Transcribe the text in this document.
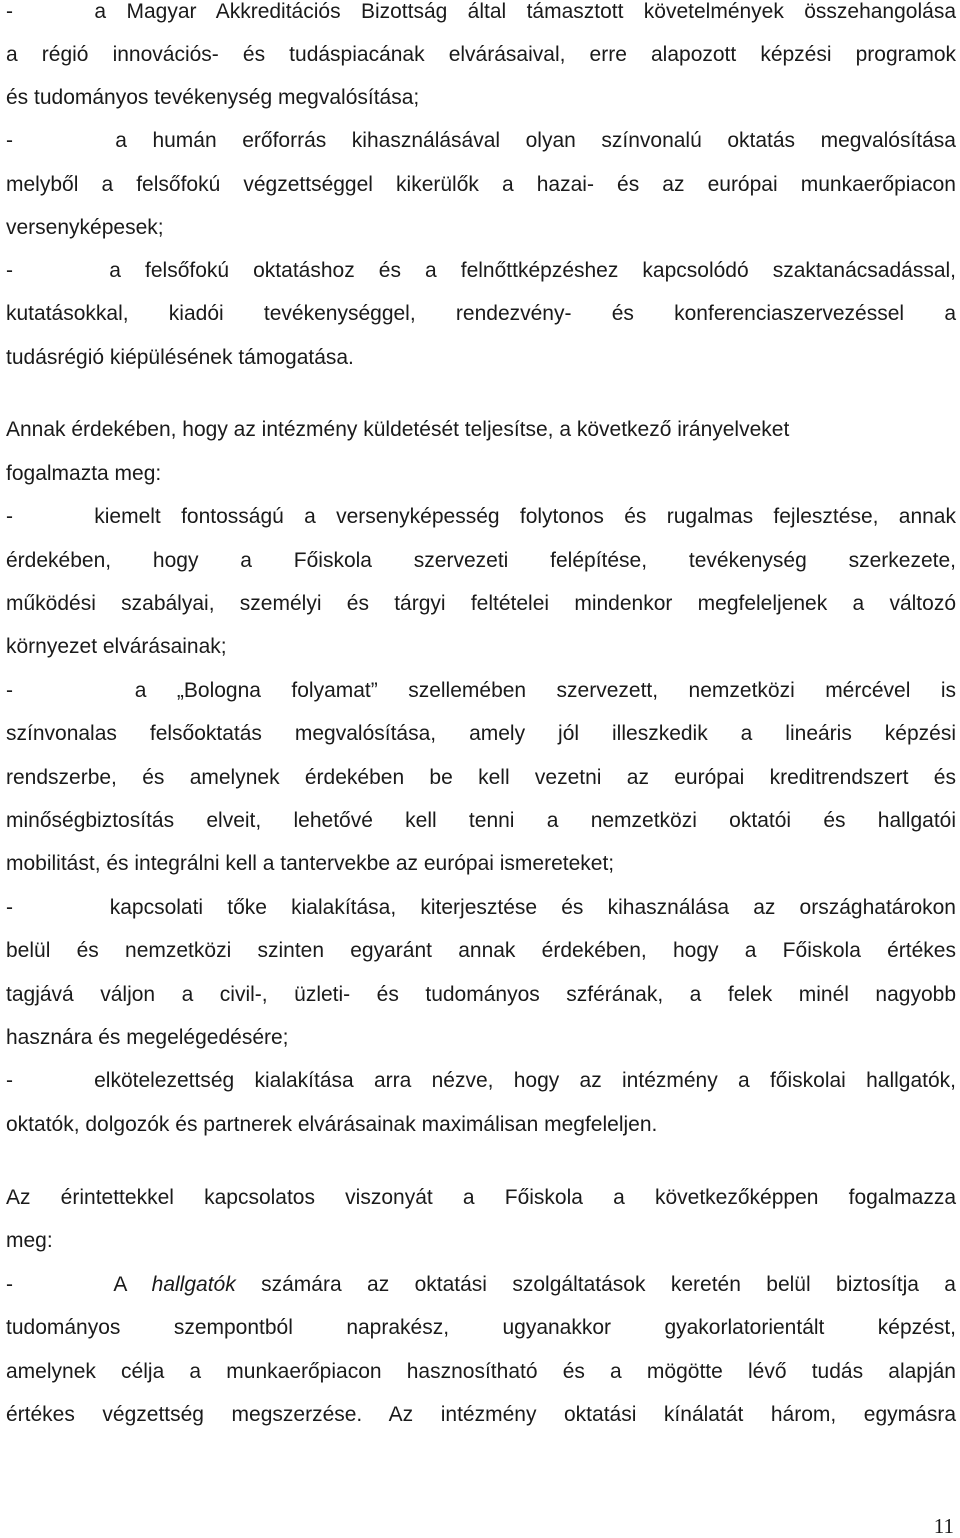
-    a Magyar Akkreditációs Bizottság által támasztott követelmények összehangolása
a régió innovációs- és tudáspiacának elvárásaival, erre alapozott képzési programok
és tudományos tevékenység megvalósítása;
-    a humán erőforrás kihasználásával olyan színvonalú oktatás megvalósítása
melyből a felsőfokú végzettséggel kikerülők a hazai- és az európai munkaerőpiacon
versenyképesek;
-    a felsőfokú oktatáshoz és a felnőttképzéshez kapcsolódó szaktanácsadással,
kutatásokkal, kiadói tevékenységgel, rendezvény- és konferenciaszervezéssel a
tudásrégió kiépülésének támogatása.
Annak érdekében, hogy az intézmény küldetését teljesítse, a következő irányelveket
fogalmazta meg:
-    kiemelt fontosságú a versenyképesség folytonos és rugalmas fejlesztése, annak
érdekében, hogy a Főiskola szervezeti felépítése, tevékenység szerkezete,
működési szabályai, személyi és tárgyi feltételei mindenkor megfeleljenek a változó
környezet elvárásainak;
-    a „Bologna folyamat” szellemében szervezett, nemzetközi mércével is
színvonalas felsőoktatás megvalósítása, amely jól illeszkedik a lineáris képzési
rendszerbe, és amelynek érdekében be kell vezetni az európai kreditrendszert és
minőségbiztosítás elveit, lehetővé kell tenni a nemzetközi oktatói és hallgatói
mobilitást, és integrálni kell a tantervekbe az európai ismereteket;
-    kapcsolati tőke kialakítása, kiterjesztése és kihasználása az országhatárokon
belül és nemzetközi szinten egyaránt annak érdekében, hogy a Főiskola értékes
tagjává váljon a civil-, üzleti- és tudományos szférának, a felek minél nagyobb
hasznára és megelégedésére;
-    elkötelezettség kialakítása arra nézve, hogy az intézmény a főiskolai hallgatók,
oktatók, dolgozók és partnerek elvárásainak maximálisan megfeleljen.
Az érintettekkel kapcsolatos viszonyát a Főiskola a következőképpen fogalmazza
meg:
-    A hallgatók számára az oktatási szolgáltatások keretén belül biztosítja a
tudományos szempontból naprakész, ugyanakkor gyakorlatorientált képzést,
amelynek célja a munkaerőpiacon hasznosítható és a mögötte lévő tudás alapján
értékes végzettség megszerzése. Az intézmény oktatási kínálatát három, egymásra
11
